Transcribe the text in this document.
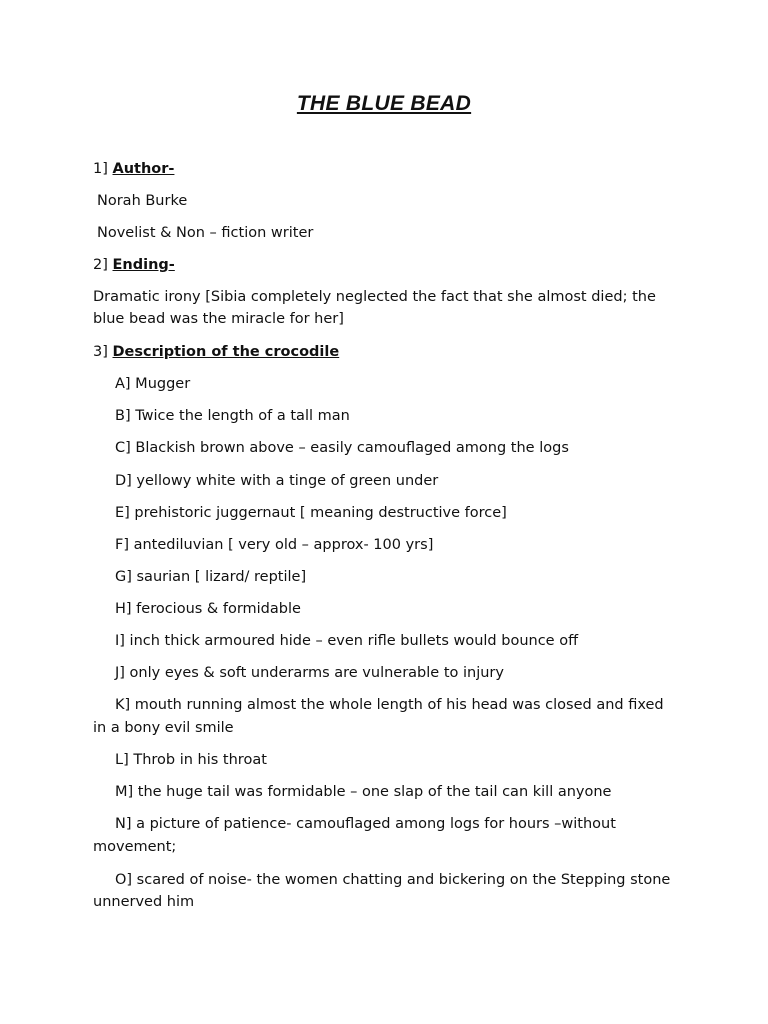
THE BLUE BEAD
1] Author-
Norah Burke
Novelist & Non – fiction writer
2] Ending-
Dramatic irony [Sibia completely neglected the fact that she almost died; the blue bead was the miracle for her]
3] Description of the crocodile
A] Mugger
B] Twice the length of a tall man
C] Blackish brown above – easily camouflaged among the logs
D] yellowy white with a tinge of green under
E] prehistoric juggernaut [ meaning destructive force]
F] antediluvian [ very old – approx- 100 yrs]
G] saurian [ lizard/ reptile]
H] ferocious & formidable
I] inch thick armoured hide – even rifle bullets would bounce off
J] only eyes & soft underarms are vulnerable to injury
K] mouth running almost the whole length of his head was closed and fixed
in a bony evil smile
L] Throb in his throat
M] the huge tail was formidable – one slap of the tail can kill anyone
N] a picture of patience- camouflaged among logs for hours –without
movement;
O] scared of noise- the women chatting and bickering on the Stepping stone
unnerved him
